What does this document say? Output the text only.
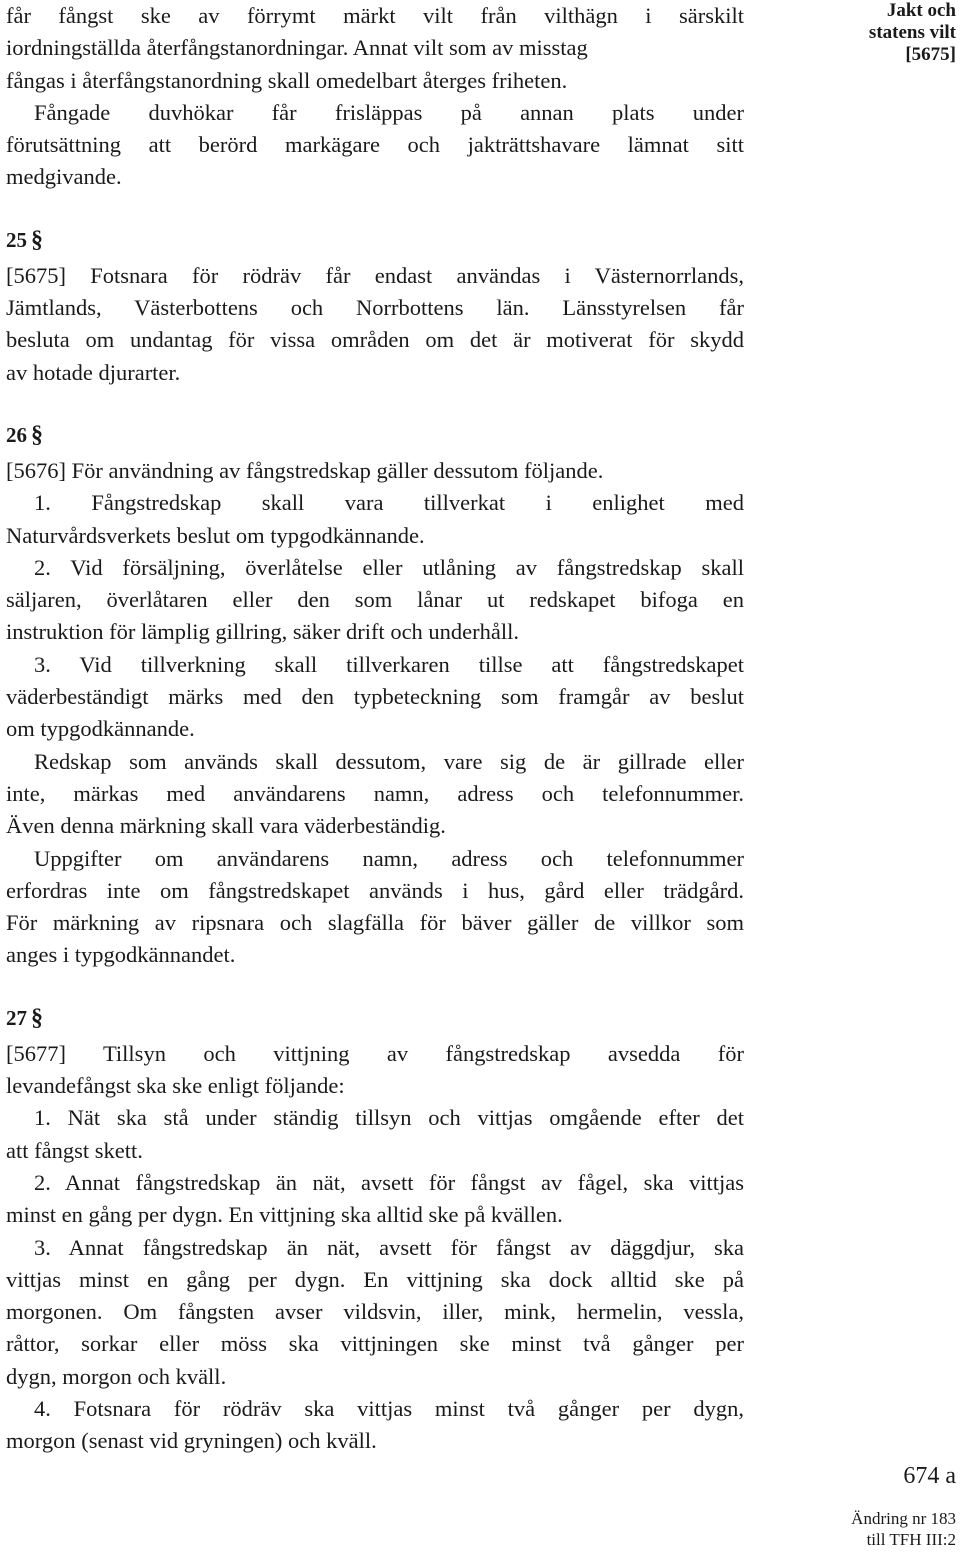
Jakt och
statens vilt
[5675]
får fångst ske av förrymt märkt vilt från vilthägn i särskilt
iordningställda återfångstanordningar. Annat vilt som av misstag
fångas i återfångstanordning skall omedelbart återges friheten.
Fångade duvhökar får frisläppas på annan plats under
förutsättning att berörd markägare och jakträttshavare lämnat sitt
medgivande.
25 §
[5675] Fotsnara för rödräv får endast användas i Västernorrlands,
Jämtlands, Västerbottens och Norrbottens län. Länsstyrelsen får
besluta om undantag för vissa områden om det är motiverat för skydd
av hotade djurarter.
26 §
[5676] För användning av fångstredskap gäller dessutom följande.
1. Fångstredskap skall vara tillverkat i enlighet med
Naturvårdsverkets beslut om typgodkännande.
2. Vid försäljning, överlåtelse eller utlåning av fångstredskap skall
säljaren, överlåtaren eller den som lånar ut redskapet bifoga en
instruktion för lämplig gillring, säker drift och underhåll.
3. Vid tillverkning skall tillverkaren tillse att fångstredskapet
väderbeständigt märks med den typbeteckning som framgår av beslut
om typgodkännande.
Redskap som används skall dessutom, vare sig de är gillrade eller
inte, märkas med användarens namn, adress och telefonnummer.
Även denna märkning skall vara väderbeständig.
Uppgifter om användarens namn, adress och telefonnummer
erfordras inte om fångstredskapet används i hus, gård eller trädgård.
För märkning av ripsnara och slagfälla för bäver gäller de villkor som
anges i typgodkännandet.
27 §
[5677] Tillsyn och vittjning av fångstredskap avsedda för
levandefångst ska ske enligt följande:
1. Nät ska stå under ständig tillsyn och vittjas omgående efter det
att fångst skett.
2. Annat fångstredskap än nät, avsett för fångst av fågel, ska vittjas
minst en gång per dygn. En vittjning ska alltid ske på kvällen.
3. Annat fångstredskap än nät, avsett för fångst av däggdjur, ska
vittjas minst en gång per dygn. En vittjning ska dock alltid ske på
morgonen. Om fångsten avser vildsvin, iller, mink, hermelin, vessla,
råttor, sorkar eller möss ska vittjningen ske minst två gånger per
dygn, morgon och kväll.
4. Fotsnara för rödräv ska vittjas minst två gånger per dygn,
morgon (senast vid gryningen) och kväll.
674 a
Ändring nr 183
till TFH III:2
